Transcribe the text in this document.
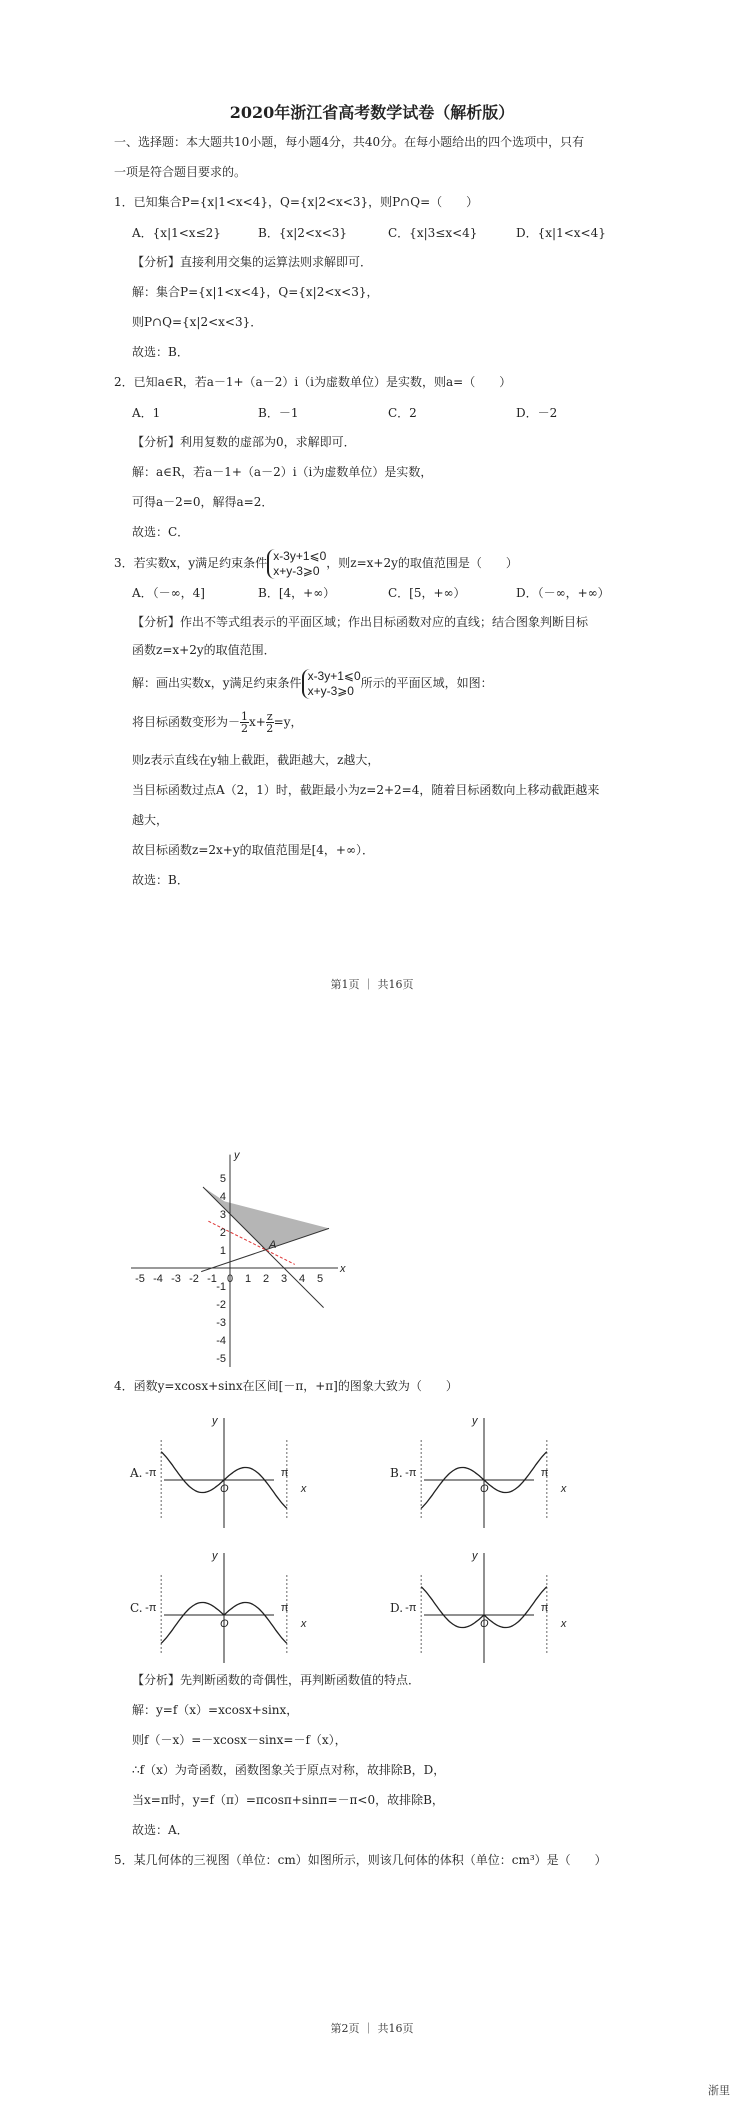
2020年浙江省高考数学试卷（解析版）
一、选择题：本大题共10小题，每小题4分，共40分。在每小题给出的四个选项中，只有
一项是符合题目要求的。
1．已知集合P={x|1<x<4}，Q={x|2<x<3}，则P∩Q=（　　）
A．{x|1<x≤2}	B．{x|2<x<3}	C．{x|3≤x<4}	D．{x|1<x<4}
【分析】直接利用交集的运算法则求解即可．
解：集合P={x|1<x<4}，Q={x|2<x<3}，
则P∩Q={x|2<x<3}．
故选：B．
2．已知a∈R，若a－1+（a－2）i（i为虚数单位）是实数，则a=（　　）
A．1	B．－1	C．2	D．－2
【分析】利用复数的虚部为0，求解即可．
解：a∈R，若a－1+（a－2）i（i为虚数单位）是实数，
可得a－2=0，解得a=2．
故选：C．
3．若实数x，y满足约束条件
x-3y+1⩽0
x+y-3⩾0
，则z=x+2y的取值范围是（　　）
A．（－∞，4]	B．[4，+∞）	C．[5，+∞）	D．（－∞，+∞）
【分析】作出不等式组表示的平面区域；作出目标函数对应的直线；结合图象判断目标
函数z=x+2y的取值范围．
解：画出实数x，y满足约束条件
x-3y+1⩽0
x+y-3⩾0
所示的平面区域，如图：
将目标函数变形为－ $\frac{1}{2} x+ \frac{z}{2} =y$，
则z表示直线在y轴上截距，截距越大，z越大，
当目标函数过点A（2，1）时，截距最小为z=2+2=4，随着目标函数向上移动截距越来
越大，
故目标函数z=2x+y的取值范围是[4，+∞）．
故选：B．
第1页 ｜ 共16页
-5 -4 -3 -2 -1 0 1 2 3 4 5
5
4
3
2
1
-1
-2
-3
-4
-5
x
y
A
4．函数y=xcosx+sinx在区间[－π，+π]的图象大致为（　　）
A. -π	π
O	x
y
B. -π	π
O	x
y
C. -π	π
O	x
y
D. -π	π
O	x
y
【分析】先判断函数的奇偶性，再判断函数值的特点．
解：y=f（x）=xcosx+sinx，
则f（－x）=－xcosx－sinx=－f（x），
∴f（x）为奇函数，函数图象关于原点对称，故排除B，D，
当x=π时，y=f（π）=πcosπ+sinπ=－π<0，故排除B，
故选：A．
5．某几何体的三视图（单位：cm）如图所示，则该几何体的体积（单位：cm³）是（　　）
第2页 ｜ 共16页
浙里
